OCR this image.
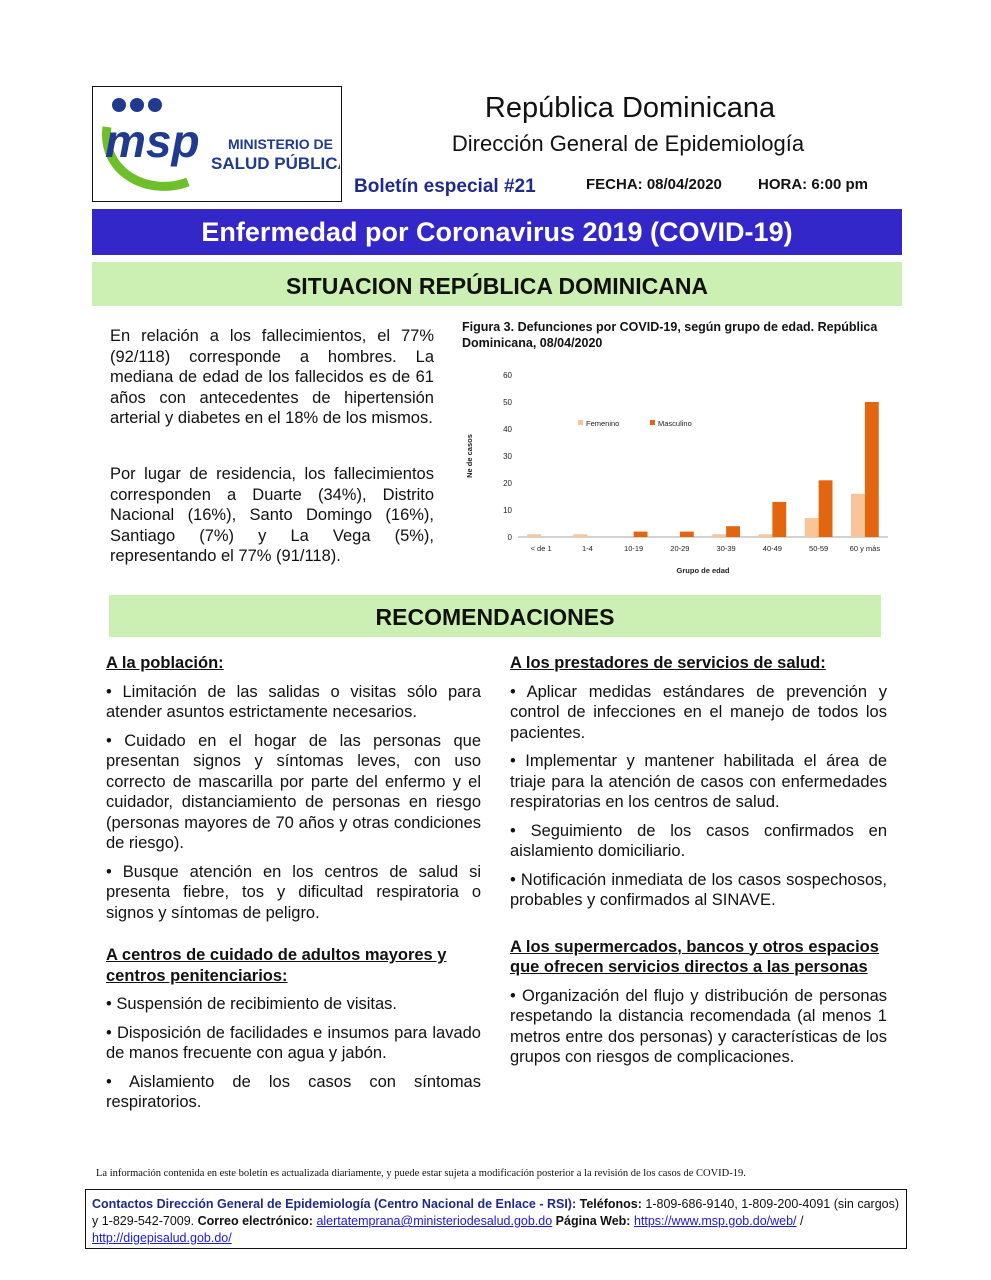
msp MINISTERIO DE
SALUD PÚBLICA
República Dominicana
Dirección General de Epidemiología
Boletín especial #21	FECHA: 08/04/2020 HORA: 6:00 pm
Enfermedad por Coronavirus 2019 (COVID-19)
SITUACION REPÚBLICA DOMINICANA
En relación a los fallecimientos, el 77% (92/118) corresponde a hombres. La mediana de edad de los fallecidos es de 61 años con antecedentes de hipertensión arterial y diabetes en el 18% de los mismos.
Por lugar de residencia, los fallecimientos corresponden a Duarte (34%), Distrito Nacional (16%), Santo Domingo (16%), Santiago (7%) y La Vega (5%), representando el 77% (91/118).
Figura 3. Defunciones por COVID-19, según grupo de edad. República Dominicana, 08/04/2020
0
10
20
30
40
50
60
Ne de casos
< de 1	1-4	10-19	20-29	30-39	40-49	50-59	60 y más
Grupo de edad
Femenino	Masculino
RECOMENDACIONES
A la población:

• Limitación de las salidas o visitas sólo para atender asuntos estrictamente necesarios.

• Cuidado en el hogar de las personas que presentan signos y síntomas leves, con uso correcto de mascarilla por parte del enfermo y el cuidador, distanciamiento de personas en riesgo (personas mayores de 70 años y otras condiciones de riesgo).

• Busque atención en los centros de salud si presenta fiebre, tos y dificultad respiratoria o signos y síntomas de peligro.

A centros de cuidado de adultos mayores y centros penitenciarios:

• Suspensión de recibimiento de visitas.

• Disposición de facilidades e insumos para lavado de manos frecuente con agua y jabón.

• Aislamiento de los casos con síntomas respiratorios.

A los prestadores de servicios de salud:

• Aplicar medidas estándares de prevención y control de infecciones en el manejo de todos los pacientes.

• Implementar y mantener habilitada el área de triaje para la atención de casos con enfermedades respiratorias en los centros de salud.

• Seguimiento de los casos confirmados en aislamiento domiciliario.

• Notificación inmediata de los casos sospechosos, probables y confirmados al SINAVE.

A los supermercados, bancos y otros espacios que ofrecen servicios directos a las personas

• Organización del flujo y distribución de personas respetando la distancia recomendada (al menos 1 metros entre dos personas) y características de los grupos con riesgos de complicaciones.

La información contenida en este boletín es actualizada diariamente, y puede estar sujeta a modificación posterior a la revisión de los casos de COVID-19.
Contactos Dirección General de Epidemiología (Centro Nacional de Enlace - RSI): Teléfonos: 1-809-686-9140, 1-809-200-4091 (sin cargos) y 1-829-542-7009. Correo electrónico: alertatemprana@ministeriodesalud.gob.do Página Web: https://www.msp.gob.do/web/ / http://digepisalud.gob.do/
